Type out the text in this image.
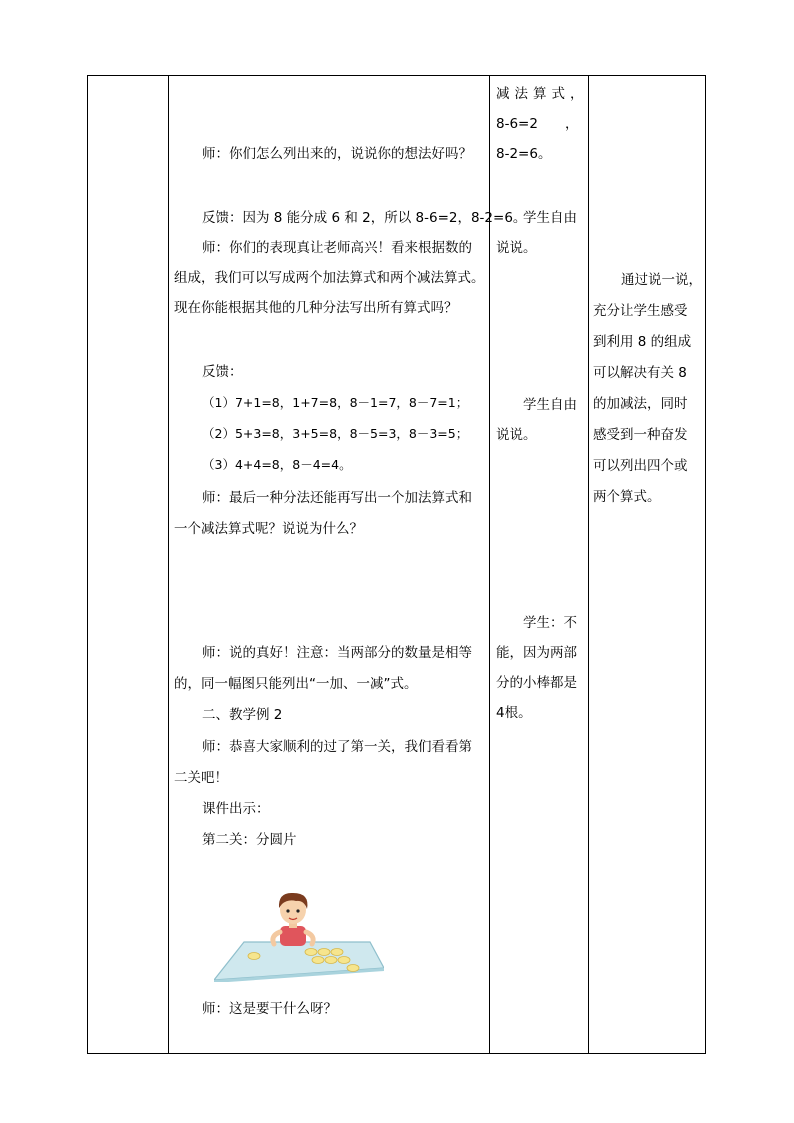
减法算式，
8-6=2 ，
8-2=6。
学生自由
说说。
学生自由
说说。
学生：不
能，因为两部
分的小棒都是
4根。
师：你们怎么列出来的，说说你的想法好吗？
反馈：因为 8 能分成 6 和 2，所以 8-6=2，8-2=6。
师：你们的表现真让老师高兴！看来根据数的
组成，我们可以写成两个加法算式和两个减法算式。
现在你能根据其他的几种分法写出所有算式吗？
反馈：
（1）7+1=8，1+7=8，8－1=7，8－7=1；
（2）5+3=8，3+5=8，8－5=3，8－3=5；
（3）4+4=8，8－4=4。
师：最后一种分法还能再写出一个加法算式和
一个减法算式呢？说说为什么？
师：说的真好！注意：当两部分的数量是相等
的，同一幅图只能列出“一加、一减”式。
二、教学例 2
师：恭喜大家顺利的过了第一关，我们看看第
二关吧！
课件出示：
第二关：分圆片
师：这是要干什么呀？
通过说一说，
充分让学生感受
到利用 8 的组成
可以解决有关 8
的加减法，同时
感受到一种奋发
可以列出四个或
两个算式。
